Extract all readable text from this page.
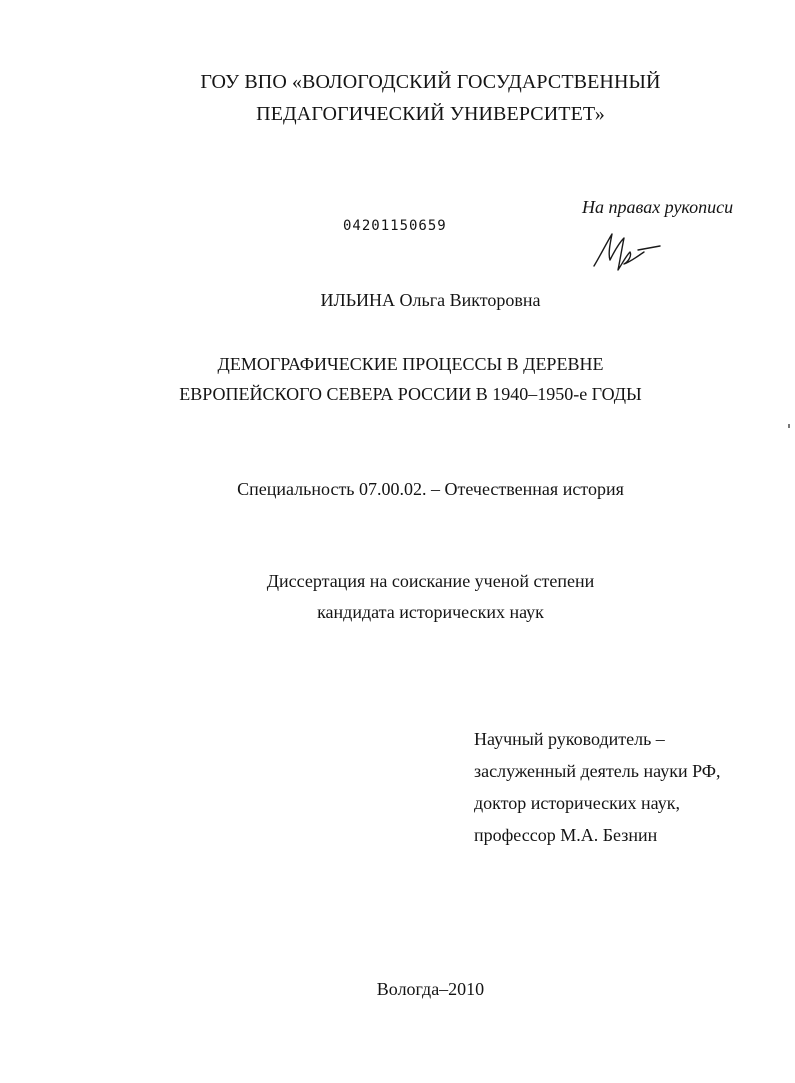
ГОУ ВПО «ВОЛОГОДСКИЙ ГОСУДАРСТВЕННЫЙ
ПЕДАГОГИЧЕСКИЙ УНИВЕРСИТЕТ»
На правах рукописи
04201150659
ИЛЬИНА Ольга Викторовна
ДЕМОГРАФИЧЕСКИЕ ПРОЦЕССЫ В ДЕРЕВНЕ
ЕВРОПЕЙСКОГО СЕВЕРА РОССИИ В 1940–1950-е ГОДЫ
Специальность 07.00.02. – Отечественная история
Диссертация на соискание ученой степени
кандидата исторических наук
Научный руководитель –
заслуженный деятель науки РФ,
доктор исторических наук,
профессор М.А. Безнин
Вологда–2010
